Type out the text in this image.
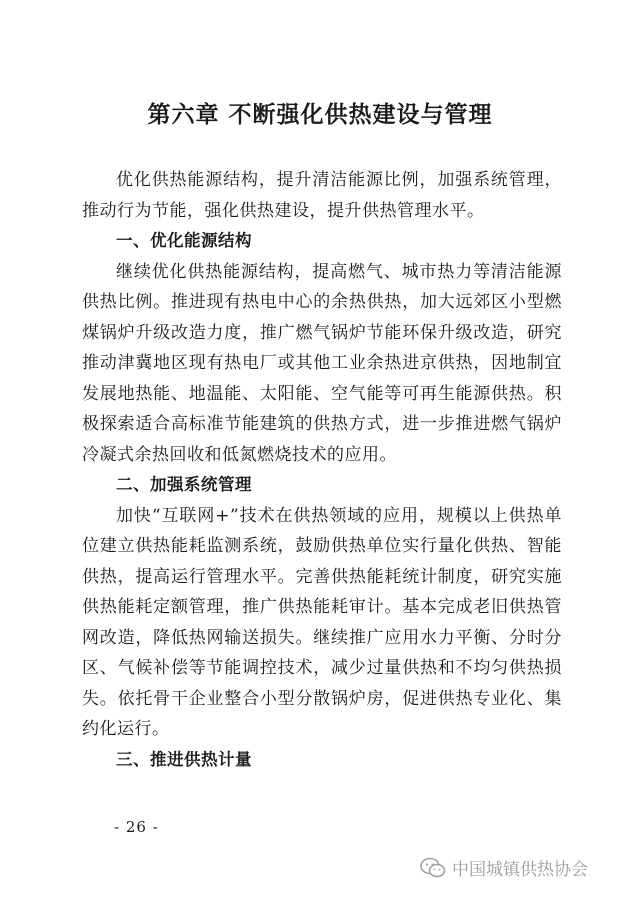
第六章 不断强化供热建设与管理

优化供热能源结构，提升清洁能源比例，加强系统管理，推动行为节能，强化供热建设，提升供热管理水平。

一、优化能源结构

继续优化供热能源结构，提高燃气、城市热力等清洁能源供热比例。推进现有热电中心的余热供热，加大远郊区小型燃煤锅炉升级改造力度，推广燃气锅炉节能环保升级改造，研究推动津冀地区现有热电厂或其他工业余热进京供热，因地制宜发展地热能、地温能、太阳能、空气能等可再生能源供热。积极探索适合高标准节能建筑的供热方式，进一步推进燃气锅炉冷凝式余热回收和低氮燃烧技术的应用。

二、加强系统管理

加快“互联网+”技术在供热领域的应用，规模以上供热单位建立供热能耗监测系统，鼓励供热单位实行量化供热、智能供热，提高运行管理水平。完善供热能耗统计制度，研究实施供热能耗定额管理，推广供热能耗审计。基本完成老旧供热管网改造，降低热网输送损失。继续推广应用水力平衡、分时分区、气候补偿等节能调控技术，减少过量供热和不均匀供热损失。依托骨干企业整合小型分散锅炉房，促进供热专业化、集约化运行。

三、推进供热计量

- 26 -
中国城镇供热协会
